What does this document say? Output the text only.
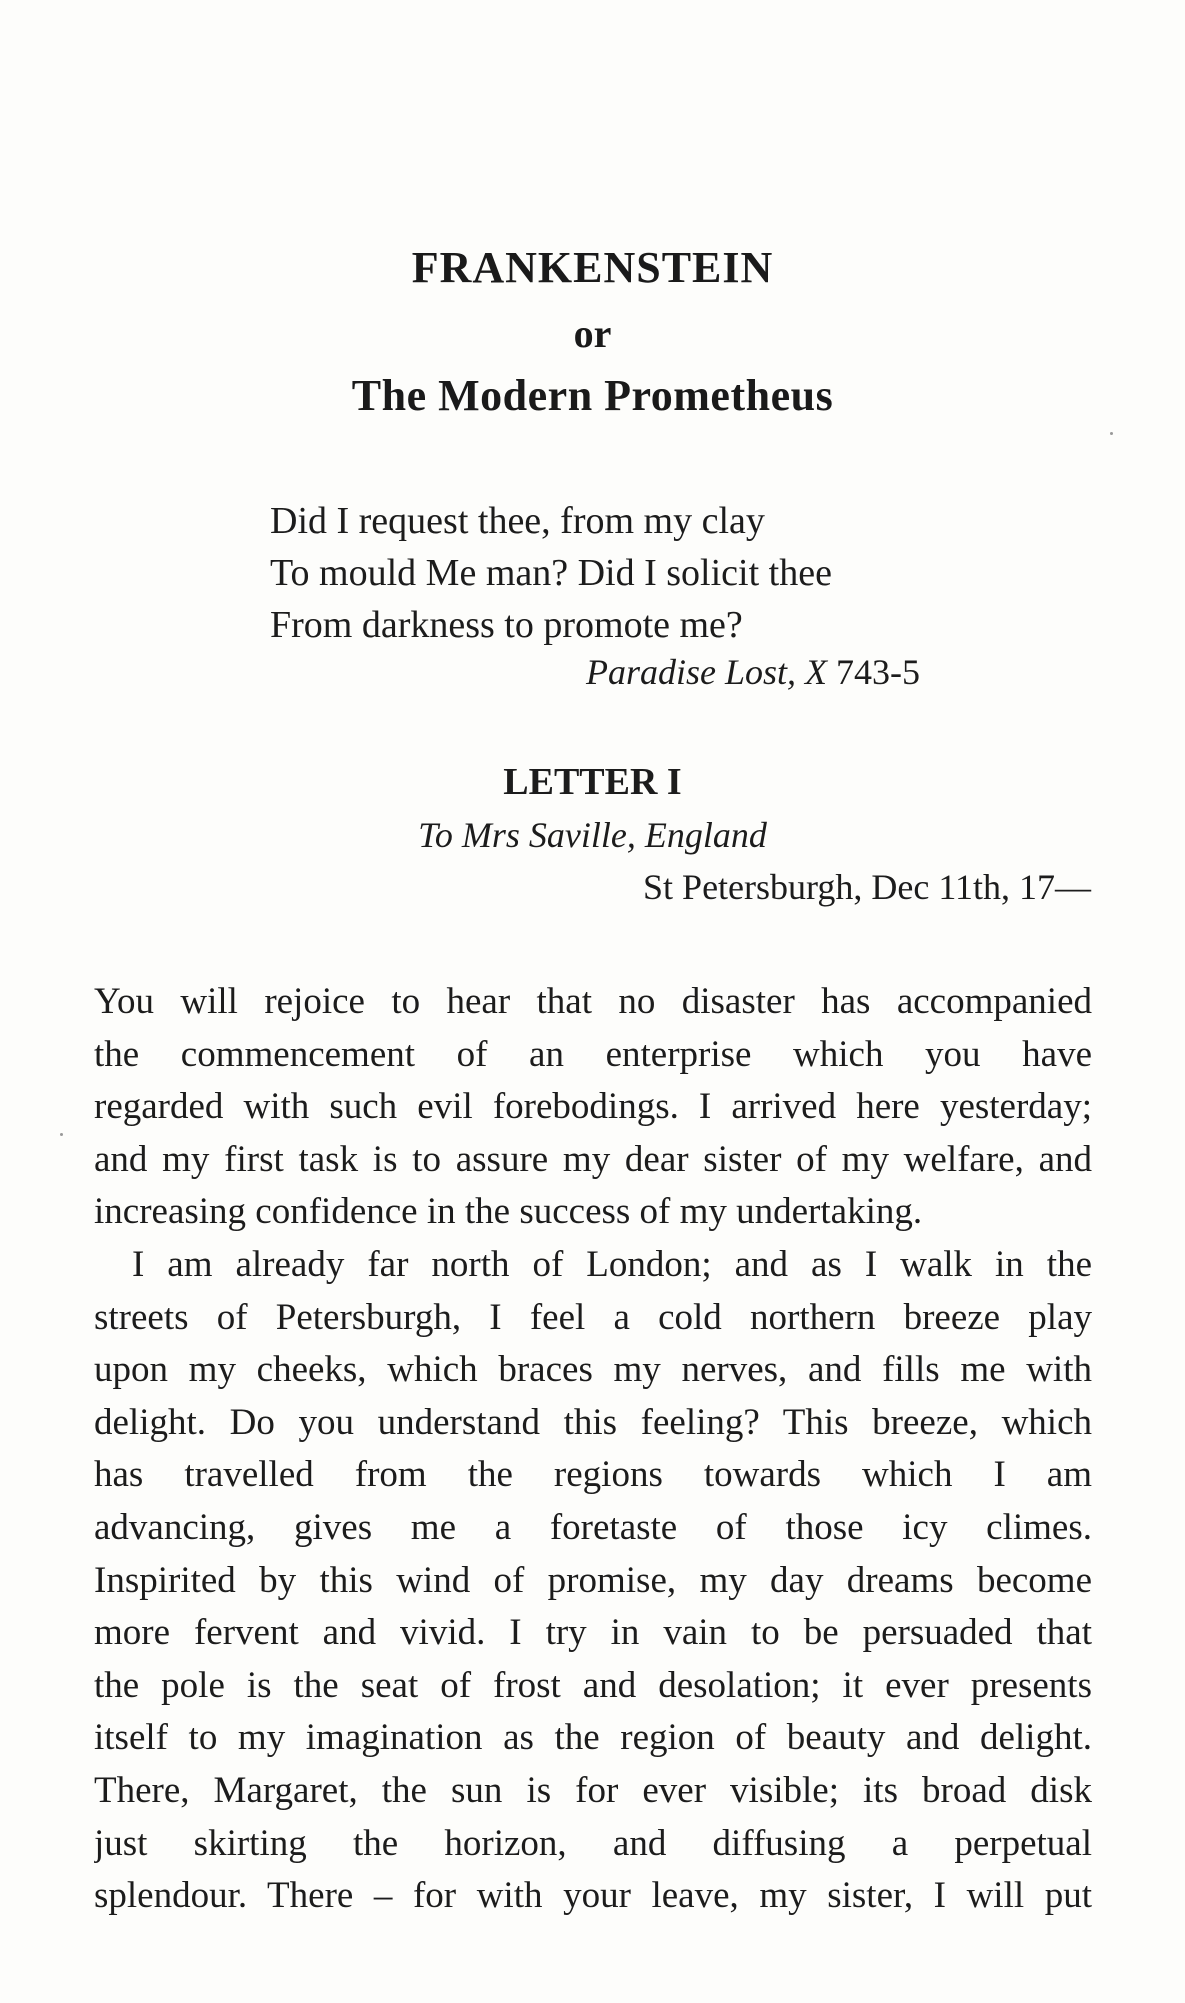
FRANKENSTEIN
or
The Modern Prometheus
Did I request thee, from my clay
To mould Me man? Did I solicit thee
From darkness to promote me?
Paradise Lost, X 743-5
LETTER I
To Mrs Saville, England
St Petersburgh, Dec 11th, 17—
You will rejoice to hear that no disaster has accompanied
the commencement of an enterprise which you have
regarded with such evil forebodings. I arrived here yesterday;
and my first task is to assure my dear sister of my welfare, and
increasing confidence in the success of my undertaking.
I am already far north of London; and as I walk in the
streets of Petersburgh, I feel a cold northern breeze play
upon my cheeks, which braces my nerves, and fills me with
delight. Do you understand this feeling? This breeze, which
has travelled from the regions towards which I am
advancing, gives me a foretaste of those icy climes.
Inspirited by this wind of promise, my day dreams become
more fervent and vivid. I try in vain to be persuaded that
the pole is the seat of frost and desolation; it ever presents
itself to my imagination as the region of beauty and delight.
There, Margaret, the sun is for ever visible; its broad disk
just skirting the horizon, and diffusing a perpetual
splendour. There – for with your leave, my sister, I will put
